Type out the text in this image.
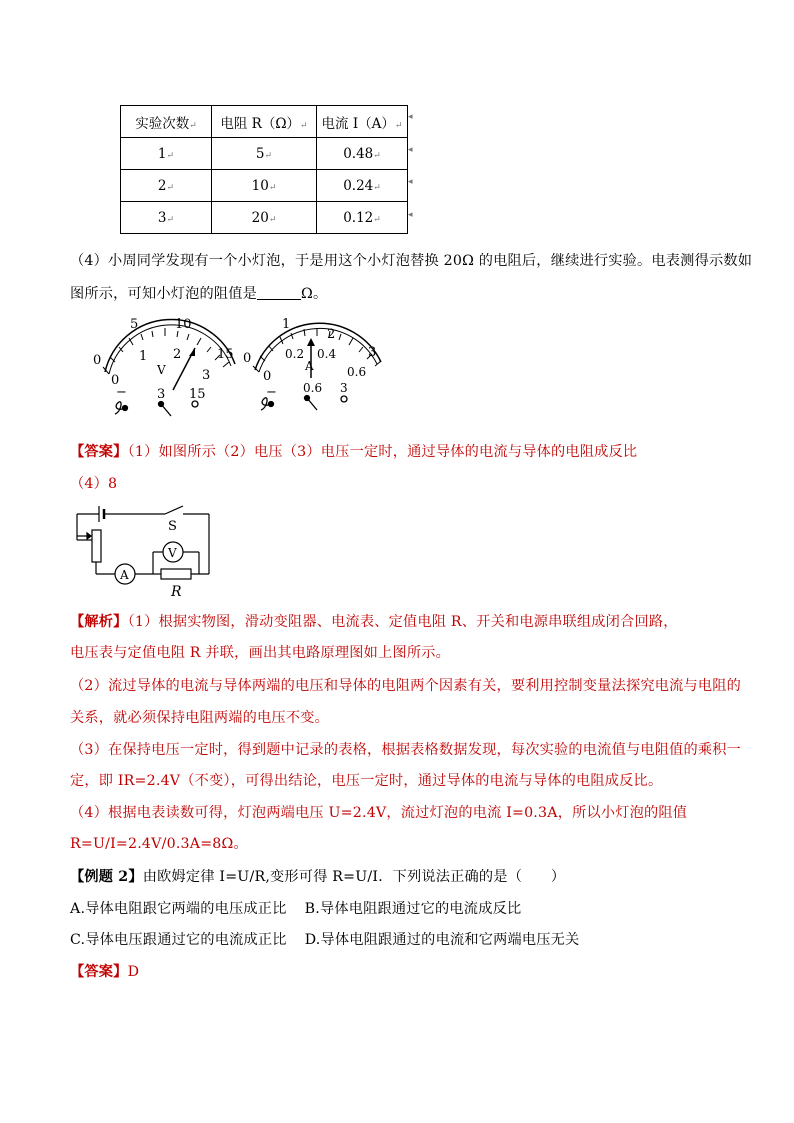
实验次数↵	电阻 R（Ω）↵	电流 I（A）↵
1↵	5↵	0.48↵
2↵	10↵	0.24↵
3↵	20↵	0.12↵
◂
◂
◂
◂
（4）小周同学发现有一个小灯泡，于是用这个小灯泡替换 20Ω 的电阻后，继续进行实验。电表测得示数如
图所示，可知小灯泡的阻值是	Ω。
0
5	10
15
0
1 2
3
V
− 3 15
0
1
2
3
0
0.2 0.4
0.6
A
− 0.6 3
【答案】（1）如图所示（2）电压（3）电压一定时，通过导体的电流与导体的电阻成反比
（4）8
S
V
A
R
【解析】（1）根据实物图，滑动变阻器、电流表、定值电阻 R、开关和电源串联组成闭合回路，
电压表与定值电阻 R 并联，画出其电路原理图如上图所示。
（2）流过导体的电流与导体两端的电压和导体的电阻两个因素有关，要利用控制变量法探究电流与电阻的
关系，就必须保持电阻两端的电压不变。
（3）在保持电压一定时，得到题中记录的表格，根据表格数据发现，每次实验的电流值与电阻值的乘积一
定，即 IR=2.4V（不变），可得出结论，电压一定时，通过导体的电流与导体的电阻成反比。
（4）根据电表读数可得，灯泡两端电压 U=2.4V，流过灯泡的电流 I=0.3A，所以小灯泡的阻值
R=U/I=2.4V/0.3A=8Ω。
【例题 2】由欧姆定律 I=U/R,变形可得 R=U/I．下列说法正确的是（　　）
A.导体电阻跟它两端的电压成正比 B.导体电阻跟通过它的电流成反比
C.导体电压跟通过它的电流成正比 D.导体电阻跟通过的电流和它两端电压无关
【答案】D
